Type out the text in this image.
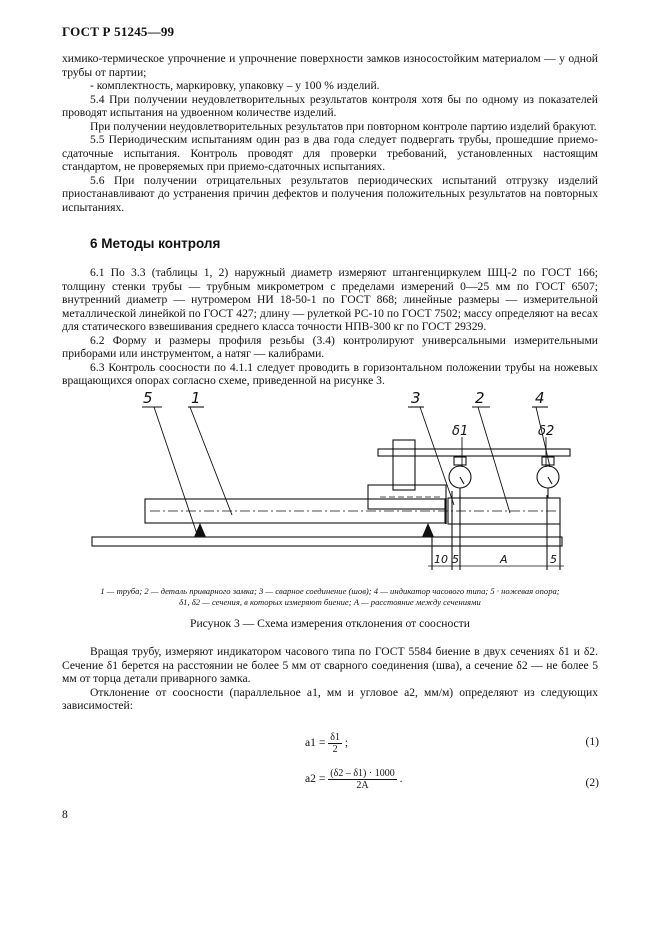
ГОСТ Р 51245—99

химико-термическое упрочнение и упрочнение поверхности замков износостойким материалом — у одной трубы от партии;

- комплектность, маркировку, упаковку – у 100 % изделий.

5.4 При получении неудовлетворительных результатов контроля хотя бы по одному из показателей проводят испытания на удвоенном количестве изделий.

При получении неудовлетворительных результатов при повторном контроле партию изделий бракуют.

5.5 Периодическим испытаниям один раз в два года следует подвергать трубы, прошедшие приемо-сдаточные испытания. Контроль проводят для проверки требований, установленных настоящим стандартом, не проверяемых при приемо-сдаточных испытаниях.

5.6 При получении отрицательных результатов периодических испытаний отгрузку изделий приостанавливают до устранения причин дефектов и получения положительных результатов на повторных испытаниях.

6 Методы контроля

6.1 По 3.3 (таблицы 1, 2) наружный диаметр измеряют штангенциркулем ШЦ-2 по ГОСТ 166; толщину стенки трубы — трубным микрометром с пределами измерений 0—25 мм по ГОСТ 6507; внутренний диаметр — нутромером НИ 18-50-1 по ГОСТ 868; линейные размеры — измерительной металлической линейкой по ГОСТ 427; длину — рулеткой РС-10 по ГОСТ 7502; массу определяют на весах для статического взвешивания среднего класса точности НПВ-300 кг по ГОСТ 29329.

6.2 Форму и размеры профиля резьбы (3.4) контролируют универсальными измерительными приборами или инструментом, а натяг — калибрами.

6.3 Контроль соосности по 4.1.1 следует проводить в горизонтальном положении трубы на ножевых вращающихся опорах согласно схеме, приведенной на рисунке 3.

5	1	3	2	4
δ1	δ2
10 5	A	5
1 — труба; 2 — деталь приварного замка; 3 — сварное соединение (шов); 4 — индикатор часового типа; 5 · ножевая опора;
δ1, δ2 — сечения, в которых измеряют биение; A — расстояние между сечениями
Рисунок 3 — Схема измерения отклонения от соосности

Вращая трубу, измеряют индикатором часового типа по ГОСТ 5584 биение в двух сечениях δ1 и δ2. Сечение δ1 берется на расстоянии не более 5 мм от сварного соединения (шва), а сечение δ2 — не более 5 мм от торца детали приварного замка.

Отклонение от соосности (параллельное a1, мм и угловое a2, мм/м) определяют из следующих зависимостей:

$a1 = \frac{\delta 1}{2}$ ;	(1)
$a2 = \frac{(\delta 2 - \delta 1) \cdot 1000}{2A}$ .	(2)
8
